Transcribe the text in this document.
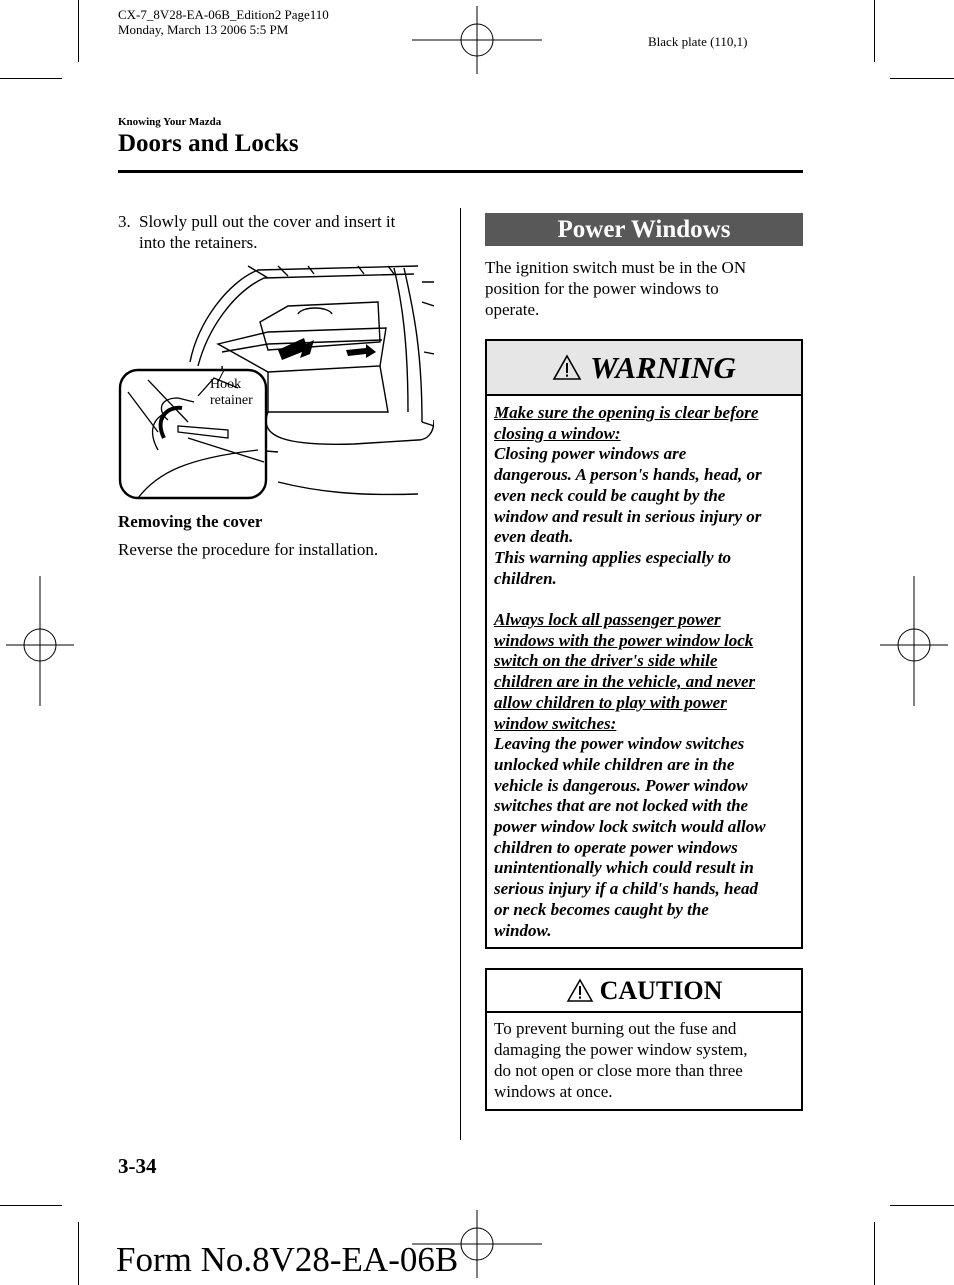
CX-7_8V28-EA-06B_Edition2 Page110
Monday, March 13 2006 5:5 PM
Black plate (110,1)
Knowing Your Mazda
Doors and Locks
3. Slowly pull out the cover and insert it
into the retainers.
Hook
retainer
Removing the cover
Reverse the procedure for installation.
Power Windows
The ignition switch must be in the ON
position for the power windows to
operate.
WARNING
Make sure the opening is clear before
closing a window:
Closing power windows are
dangerous. A person's hands, head, or
even neck could be caught by the
window and result in serious injury or
even death.
This warning applies especially to
children.
Always lock all passenger power
windows with the power window lock
switch on the driver's side while
children are in the vehicle, and never
allow children to play with power
window switches:
Leaving the power window switches
unlocked while children are in the
vehicle is dangerous. Power window
switches that are not locked with the
power window lock switch would allow
children to operate power windows
unintentionally which could result in
serious injury if a child's hands, head
or neck becomes caught by the
window.
CAUTION
To prevent burning out the fuse and
damaging the power window system,
do not open or close more than three
windows at once.
3-34
Form No.8V28-EA-06B
